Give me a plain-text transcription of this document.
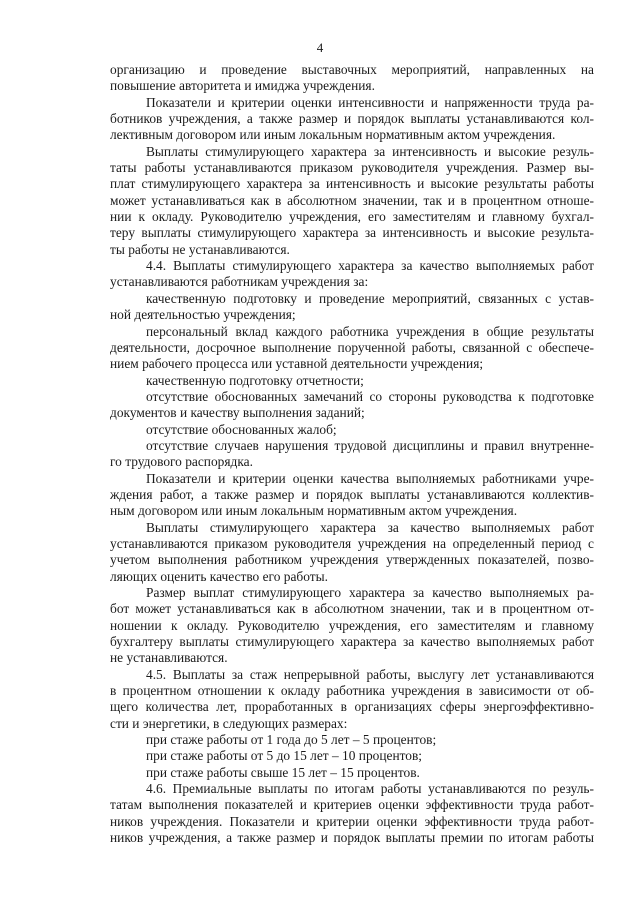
4
организацию и проведение выставочных мероприятий, направленных на
повышение авторитета и имиджа учреждения.
Показатели и критерии оценки интенсивности и напряженности труда ра-
ботников учреждения, а также размер и порядок выплаты устанавливаются кол-
лективным договором или иным локальным нормативным актом учреждения.
Выплаты стимулирующего характера за интенсивность и высокие резуль-
таты работы устанавливаются приказом руководителя учреждения. Размер вы-
плат стимулирующего характера за интенсивность и высокие результаты работы
может устанавливаться как в абсолютном значении, так и в процентном отноше-
нии к окладу. Руководителю учреждения, его заместителям и главному бухгал-
теру выплаты стимулирующего характера за интенсивность и высокие результа-
ты работы не устанавливаются.
4.4. Выплаты стимулирующего характера за качество выполняемых работ
устанавливаются работникам учреждения за:
качественную подготовку и проведение мероприятий, связанных с устав-
ной деятельностью учреждения;
персональный вклад каждого работника учреждения в общие результаты
деятельности, досрочное выполнение порученной работы, связанной с обеспече-
нием рабочего процесса или уставной деятельности учреждения;
качественную подготовку отчетности;
отсутствие обоснованных замечаний со стороны руководства к подготовке
документов и качеству выполнения заданий;
отсутствие обоснованных жалоб;
отсутствие случаев нарушения трудовой дисциплины и правил внутренне-
го трудового распорядка.
Показатели и критерии оценки качества выполняемых работниками учре-
ждения работ, а также размер и порядок выплаты устанавливаются коллектив-
ным договором или иным локальным нормативным актом учреждения.
Выплаты стимулирующего характера за качество выполняемых работ
устанавливаются приказом руководителя учреждения на определенный период с
учетом выполнения работником учреждения утвержденных показателей, позво-
ляющих оценить качество его работы.
Размер выплат стимулирующего характера за качество выполняемых ра-
бот может устанавливаться как в абсолютном значении, так и в процентном от-
ношении к окладу. Руководителю учреждения, его заместителям и главному
бухгалтеру выплаты стимулирующего характера за качество выполняемых работ
не устанавливаются.
4.5. Выплаты за стаж непрерывной работы, выслугу лет устанавливаются
в процентном отношении к окладу работника учреждения в зависимости от об-
щего количества лет, проработанных в организациях сферы энергоэффективно-
сти и энергетики, в следующих размерах:
при стаже работы от 1 года до 5 лет – 5 процентов;
при стаже работы от 5 до 15 лет – 10 процентов;
при стаже работы свыше 15 лет – 15 процентов.
4.6. Премиальные выплаты по итогам работы устанавливаются по резуль-
татам выполнения показателей и критериев оценки эффективности труда работ-
ников учреждения. Показатели и критерии оценки эффективности труда работ-
ников учреждения, а также размер и порядок выплаты премии по итогам работы
